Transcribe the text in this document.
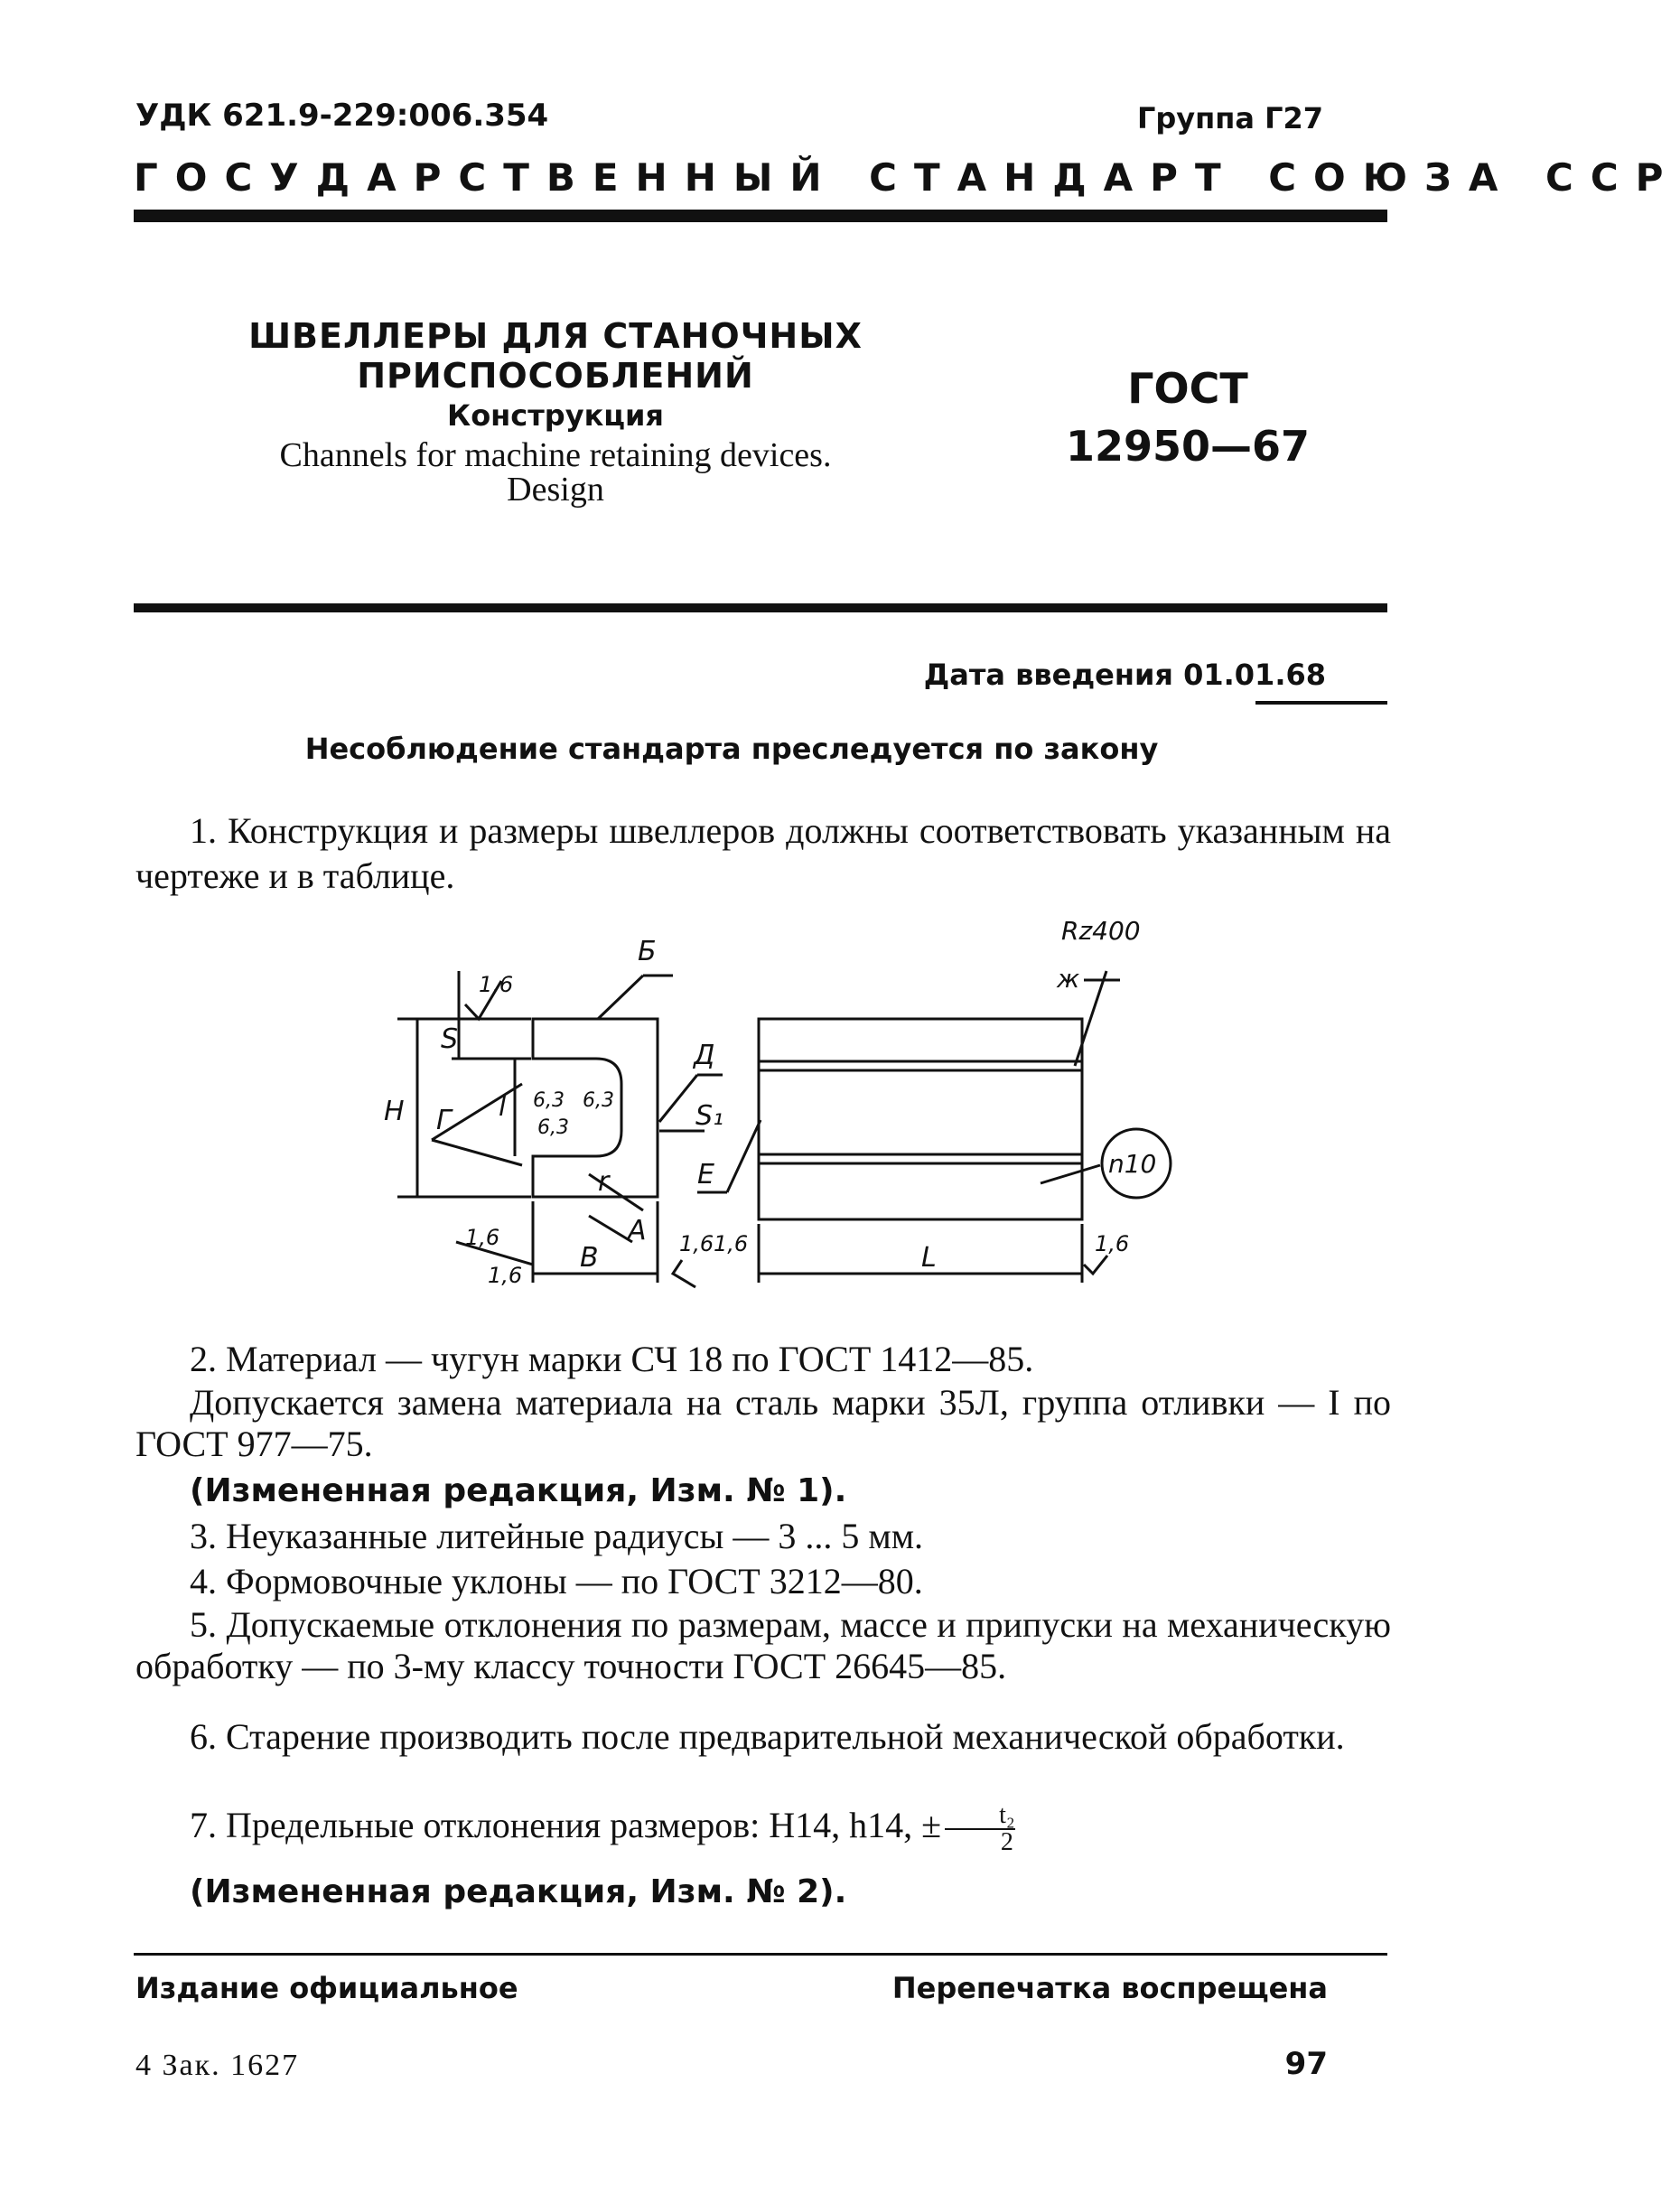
УДК 621.9-229:006.354	Группа Г27
ГОСУДАРСТВЕННЫЙ СТАНДАРТ СОЮЗА ССР
ШВЕЛЛЕРЫ ДЛЯ СТАНОЧНЫХ
ПРИСПОСОБЛЕНИЙ
Конструкция
Channels for machine retaining devices.
Design
ГОСТ
12950—67
Дата введения 01.01.68
Несоблюдение стандарта преследуется по закону
1. Конструкция и размеры швеллеров должны соответствовать указанным на чертеже и в таблице.
Б
Rz400
ж
Д
Е
А
Г
H
S
S₁
l
r
B	L
n10
6,3
6,3
6,3
1,6
1,6
1,6
1,6 1,6	1,6
2. Материал — чугун марки СЧ 18 по ГОСТ 1412—85.
Допускается замена материала на сталь марки 35Л, группа отливки — I по ГОСТ 977—75.
(Измененная редакция, Изм. № 1).
3. Неуказанные литейные радиусы — 3 ... 5 мм.
4. Формовочные уклоны — по ГОСТ 3212—80.
5. Допускаемые отклонения по размерам, массе и припуски на механическую обработку — по 3-му классу точности ГОСТ 26645—85.
6. Старение производить после предварительной механической обработки.
7. Предельные отклонения размеров: H14, h14, ± $\frac{\text{t₂}}{2}$
(Измененная редакция, Изм. № 2).
Издание официальное	Перепечатка воспрещена
4 Зак. 1627	97
